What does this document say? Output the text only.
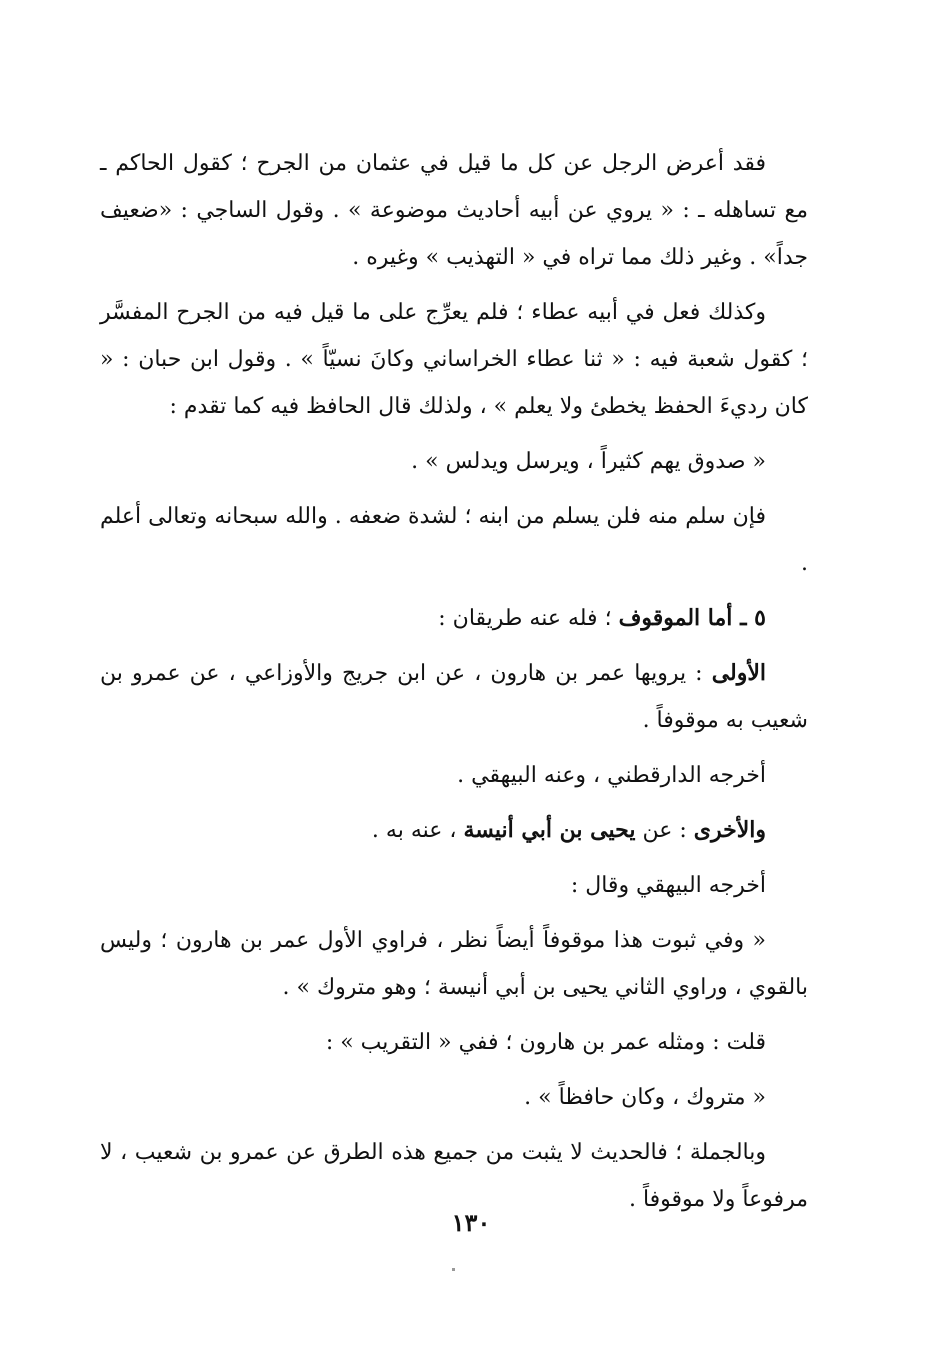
فقد أعرض الرجل عن كل ما قيل في عثمان من الجرح ؛ كقول الحاكم ـ مع تساهله ـ : « يروي عن أبيه أحاديث موضوعة » . وقول الساجي : «ضعيف جداً» . وغير ذلك مما تراه في « التهذيب » وغيره .

وكذلك فعل في أبيه عطاء ؛ فلم يعرِّج على ما قيل فيه من الجرح المفسَّر ؛ كقول شعبة فيه : « ثنا عطاء الخراساني وكانَ نسيّاً » . وقول ابن حبان : « كان رديءَ الحفظ يخطئ ولا يعلم » ، ولذلك قال الحافظ فيه كما تقدم :

« صدوق يهم كثيراً ، ويرسل ويدلس » .

فإن سلم منه فلن يسلم من ابنه ؛ لشدة ضعفه . والله سبحانه وتعالى أعلم .

٥ ـ أما الموقوف ؛ فله عنه طريقان :

الأولى : يرويها عمر بن هارون ، عن ابن جريج والأوزاعي ، عن عمرو بن شعيب به موقوفاً .

أخرجه الدارقطني ، وعنه البيهقي .

والأخرى : عن يحيى بن أبي أنيسة ، عنه به .

أخرجه البيهقي وقال :

« وفي ثبوت هذا موقوفاً أيضاً نظر ، فراوي الأول عمر بن هارون ؛ وليس بالقوي ، وراوي الثاني يحيى بن أبي أنيسة ؛ وهو متروك » .

قلت : ومثله عمر بن هارون ؛ ففي « التقريب » :

« متروك ، وكان حافظاً » .

وبالجملة ؛ فالحديث لا يثبت من جميع هذه الطرق عن عمرو بن شعيب ، لا مرفوعاً ولا موقوفاً .

١٣٠
